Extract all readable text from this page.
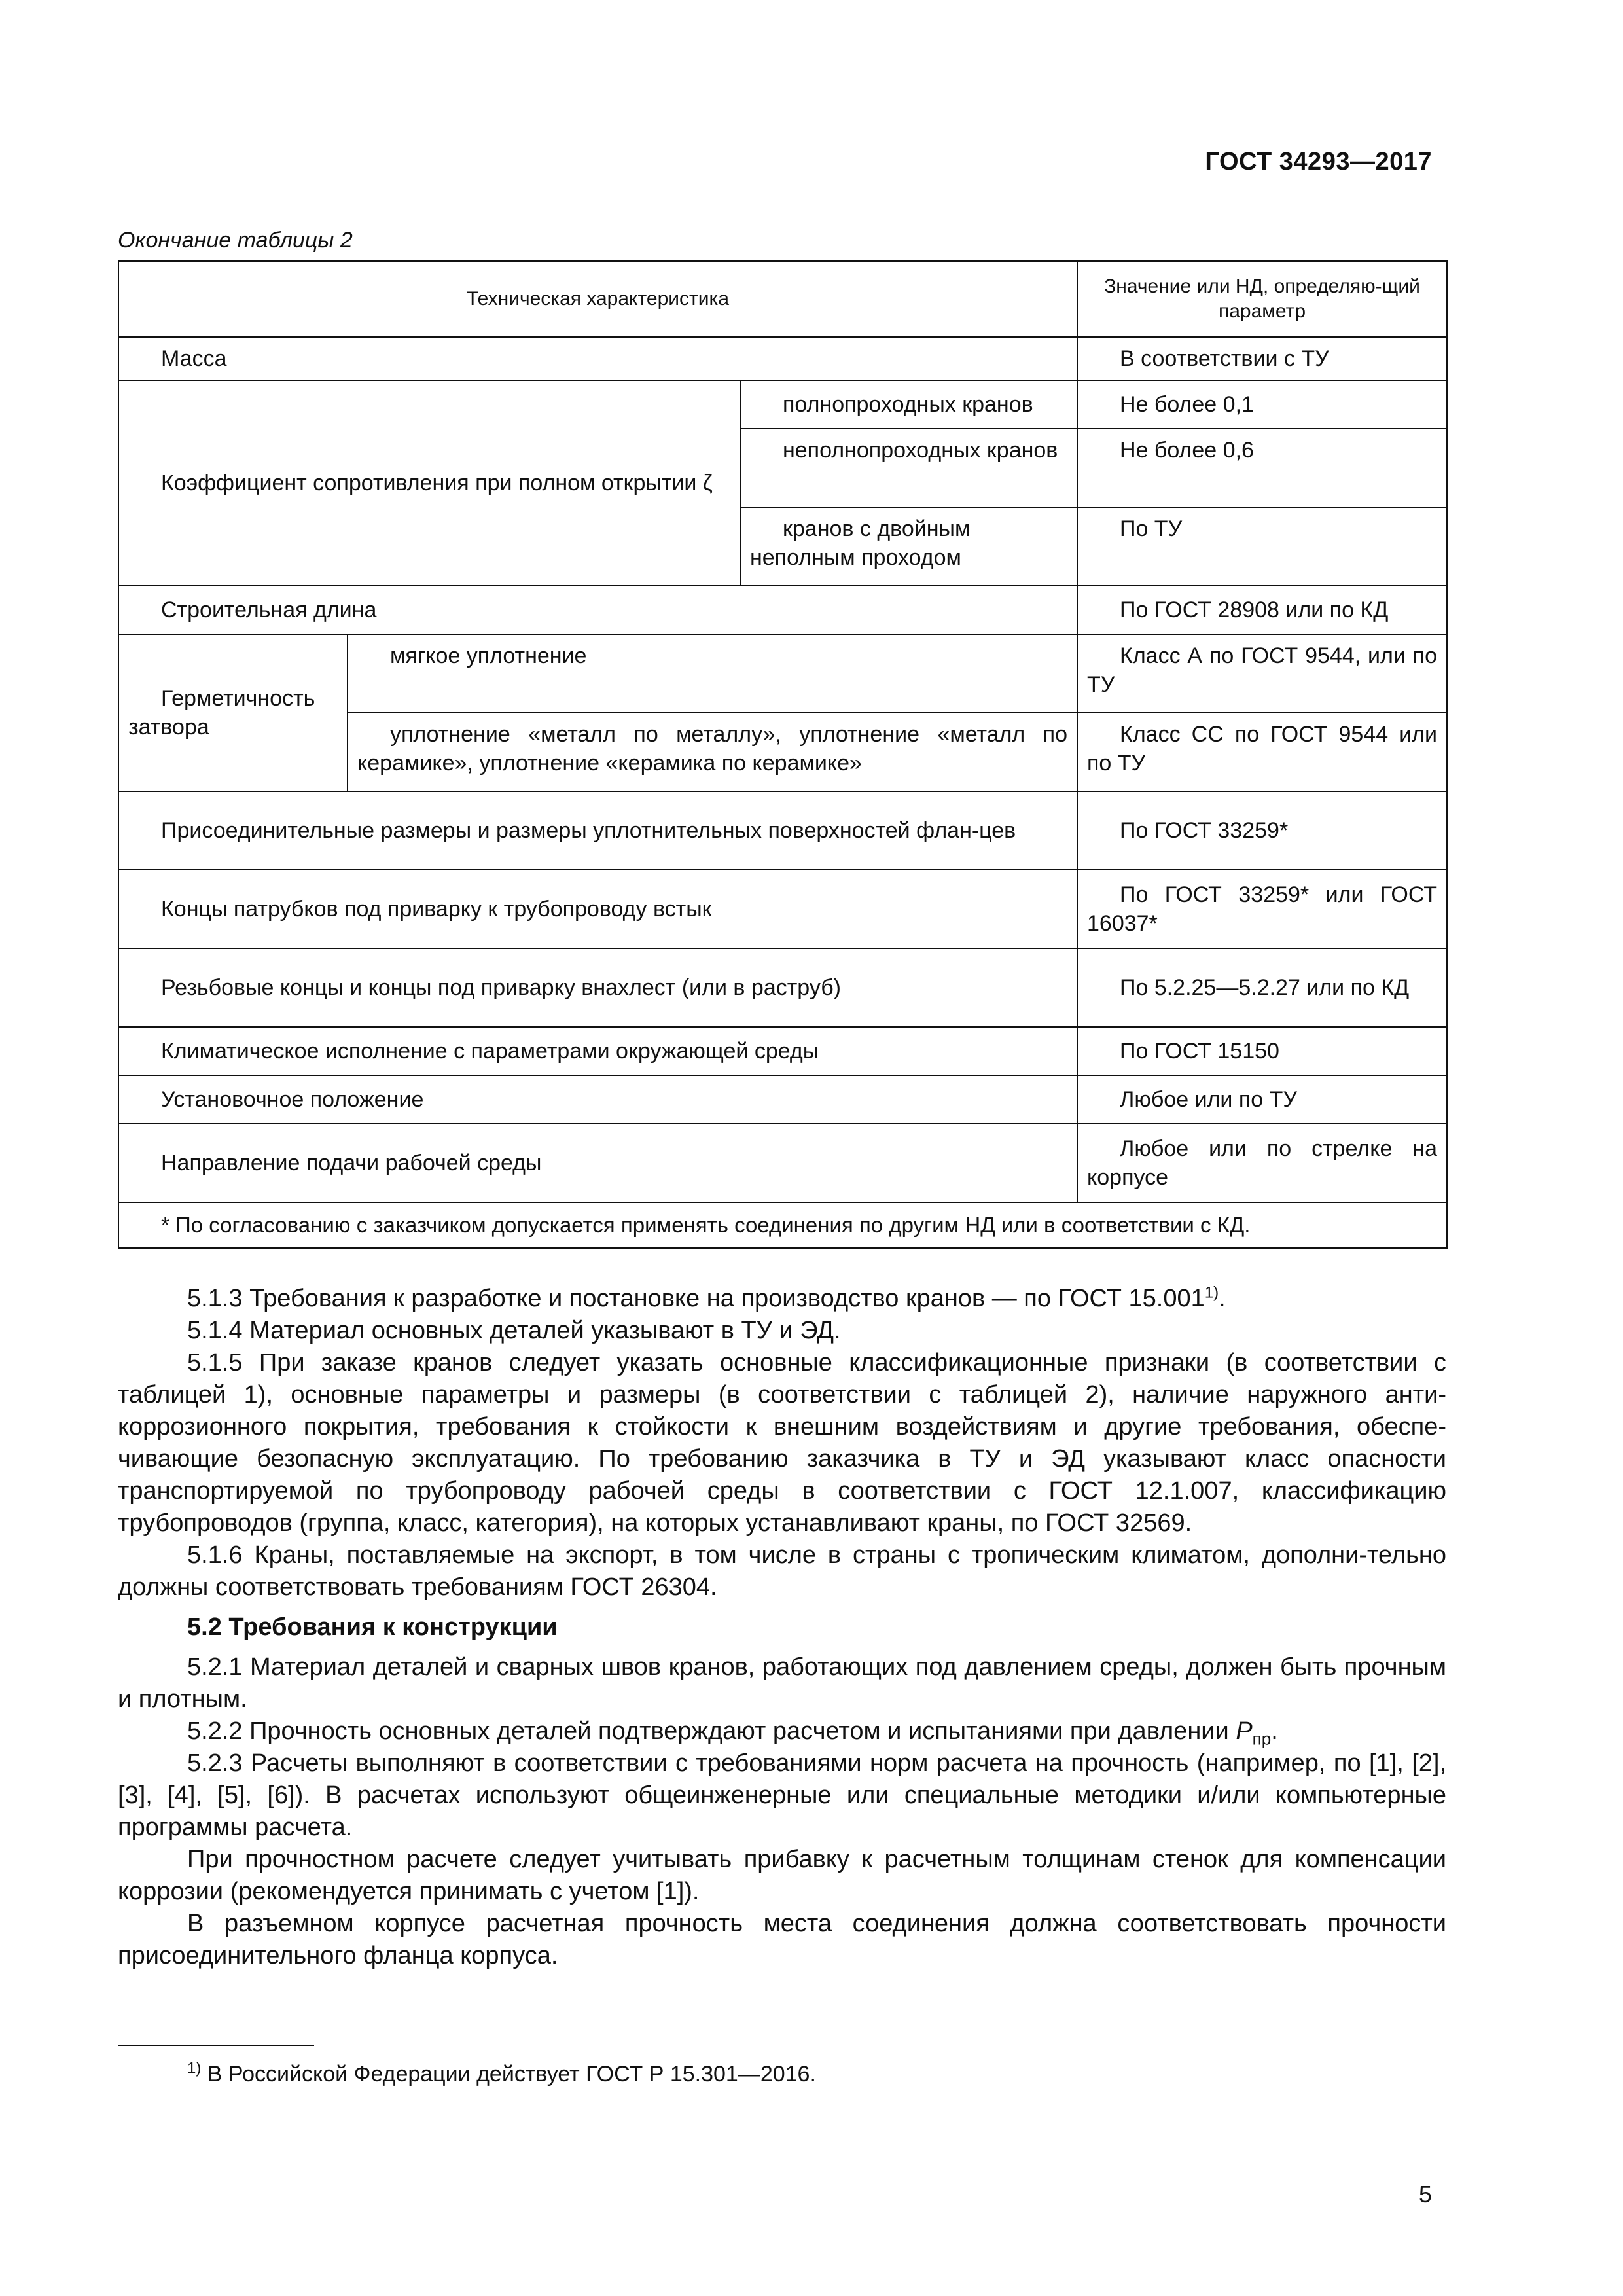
ГОСТ 34293—2017
Окончание таблицы 2
Техническая характеристика			Значение или НД, определяю-щий параметр
Масса			В соответствии с ТУ
Коэффициент сопротивления при полном открытии ζ		полнопроходных кранов	Не более 0,1
		неполнопроходных кранов	Не более 0,6
		кранов с двойным неполным проходом	По ТУ
Строительная длина			По ГОСТ 28908 или по КД
Герметичность затвора	мягкое уплотнение		Класс А по ГОСТ 9544, или по ТУ
	уплотнение «металл по металлу», уплотнение «металл по керамике», уплотнение «керамика по керамике»		Класс СС по ГОСТ 9544 или по ТУ
Присоединительные размеры и размеры уплотнительных поверхностей флан-цев			По ГОСТ 33259*
Концы патрубков под приварку к трубопроводу встык			По ГОСТ 33259* или ГОСТ 16037*
Резьбовые концы и концы под приварку внахлест (или в раструб)			По 5.2.25—5.2.27 или по КД
Климатическое исполнение с параметрами окружающей среды			По ГОСТ 15150
Установочное положение			Любое или по ТУ
Направление подачи рабочей среды			Любое или по стрелке на корпусе
* По согласованию с заказчиком допускается применять соединения по другим НД или в соответствии с КД.			

5.1.3 Требования к разработке и постановке на производство кранов — по ГОСТ 15.001$^{1)}$.

5.1.4 Материал основных деталей указывают в ТУ и ЭД.

5.1.5 При заказе кранов следует указать основные классификационные признаки (в соответствии с таблицей 1), основные параметры и размеры (в соответствии с таблицей 2), наличие наружного анти-коррозионного покрытия, требования к стойкости к внешним воздействиям и другие требования, обеспе-чивающие безопасную эксплуатацию. По требованию заказчика в ТУ и ЭД указывают класс опасности транспортируемой по трубопроводу рабочей среды в соответствии с ГОСТ 12.1.007, классификацию трубопроводов (группа, класс, категория), на которых устанавливают краны, по ГОСТ 32569.

5.1.6 Краны, поставляемые на экспорт, в том числе в страны с тропическим климатом, дополни-тельно должны соответствовать требованиям ГОСТ 26304.

5.2 Требования к конструкции

5.2.1 Материал деталей и сварных швов кранов, работающих под давлением среды, должен быть прочным и плотным.

5.2.2 Прочность основных деталей подтверждают расчетом и испытаниями при давлении $P_{пр}$.

5.2.3 Расчеты выполняют в соответствии с требованиями норм расчета на прочность (например, по [1], [2], [3], [4], [5], [6]). В расчетах используют общеинженерные или специальные методики и/или компьютерные программы расчета.

При прочностном расчете следует учитывать прибавку к расчетным толщинам стенок для компенсации коррозии (рекомендуется принимать с учетом [1]).

В разъемном корпусе расчетная прочность места соединения должна соответствовать прочности присоединительного фланца корпуса.

$^{1)}$ В Российской Федерации действует ГОСТ Р 15.301—2016.
5
